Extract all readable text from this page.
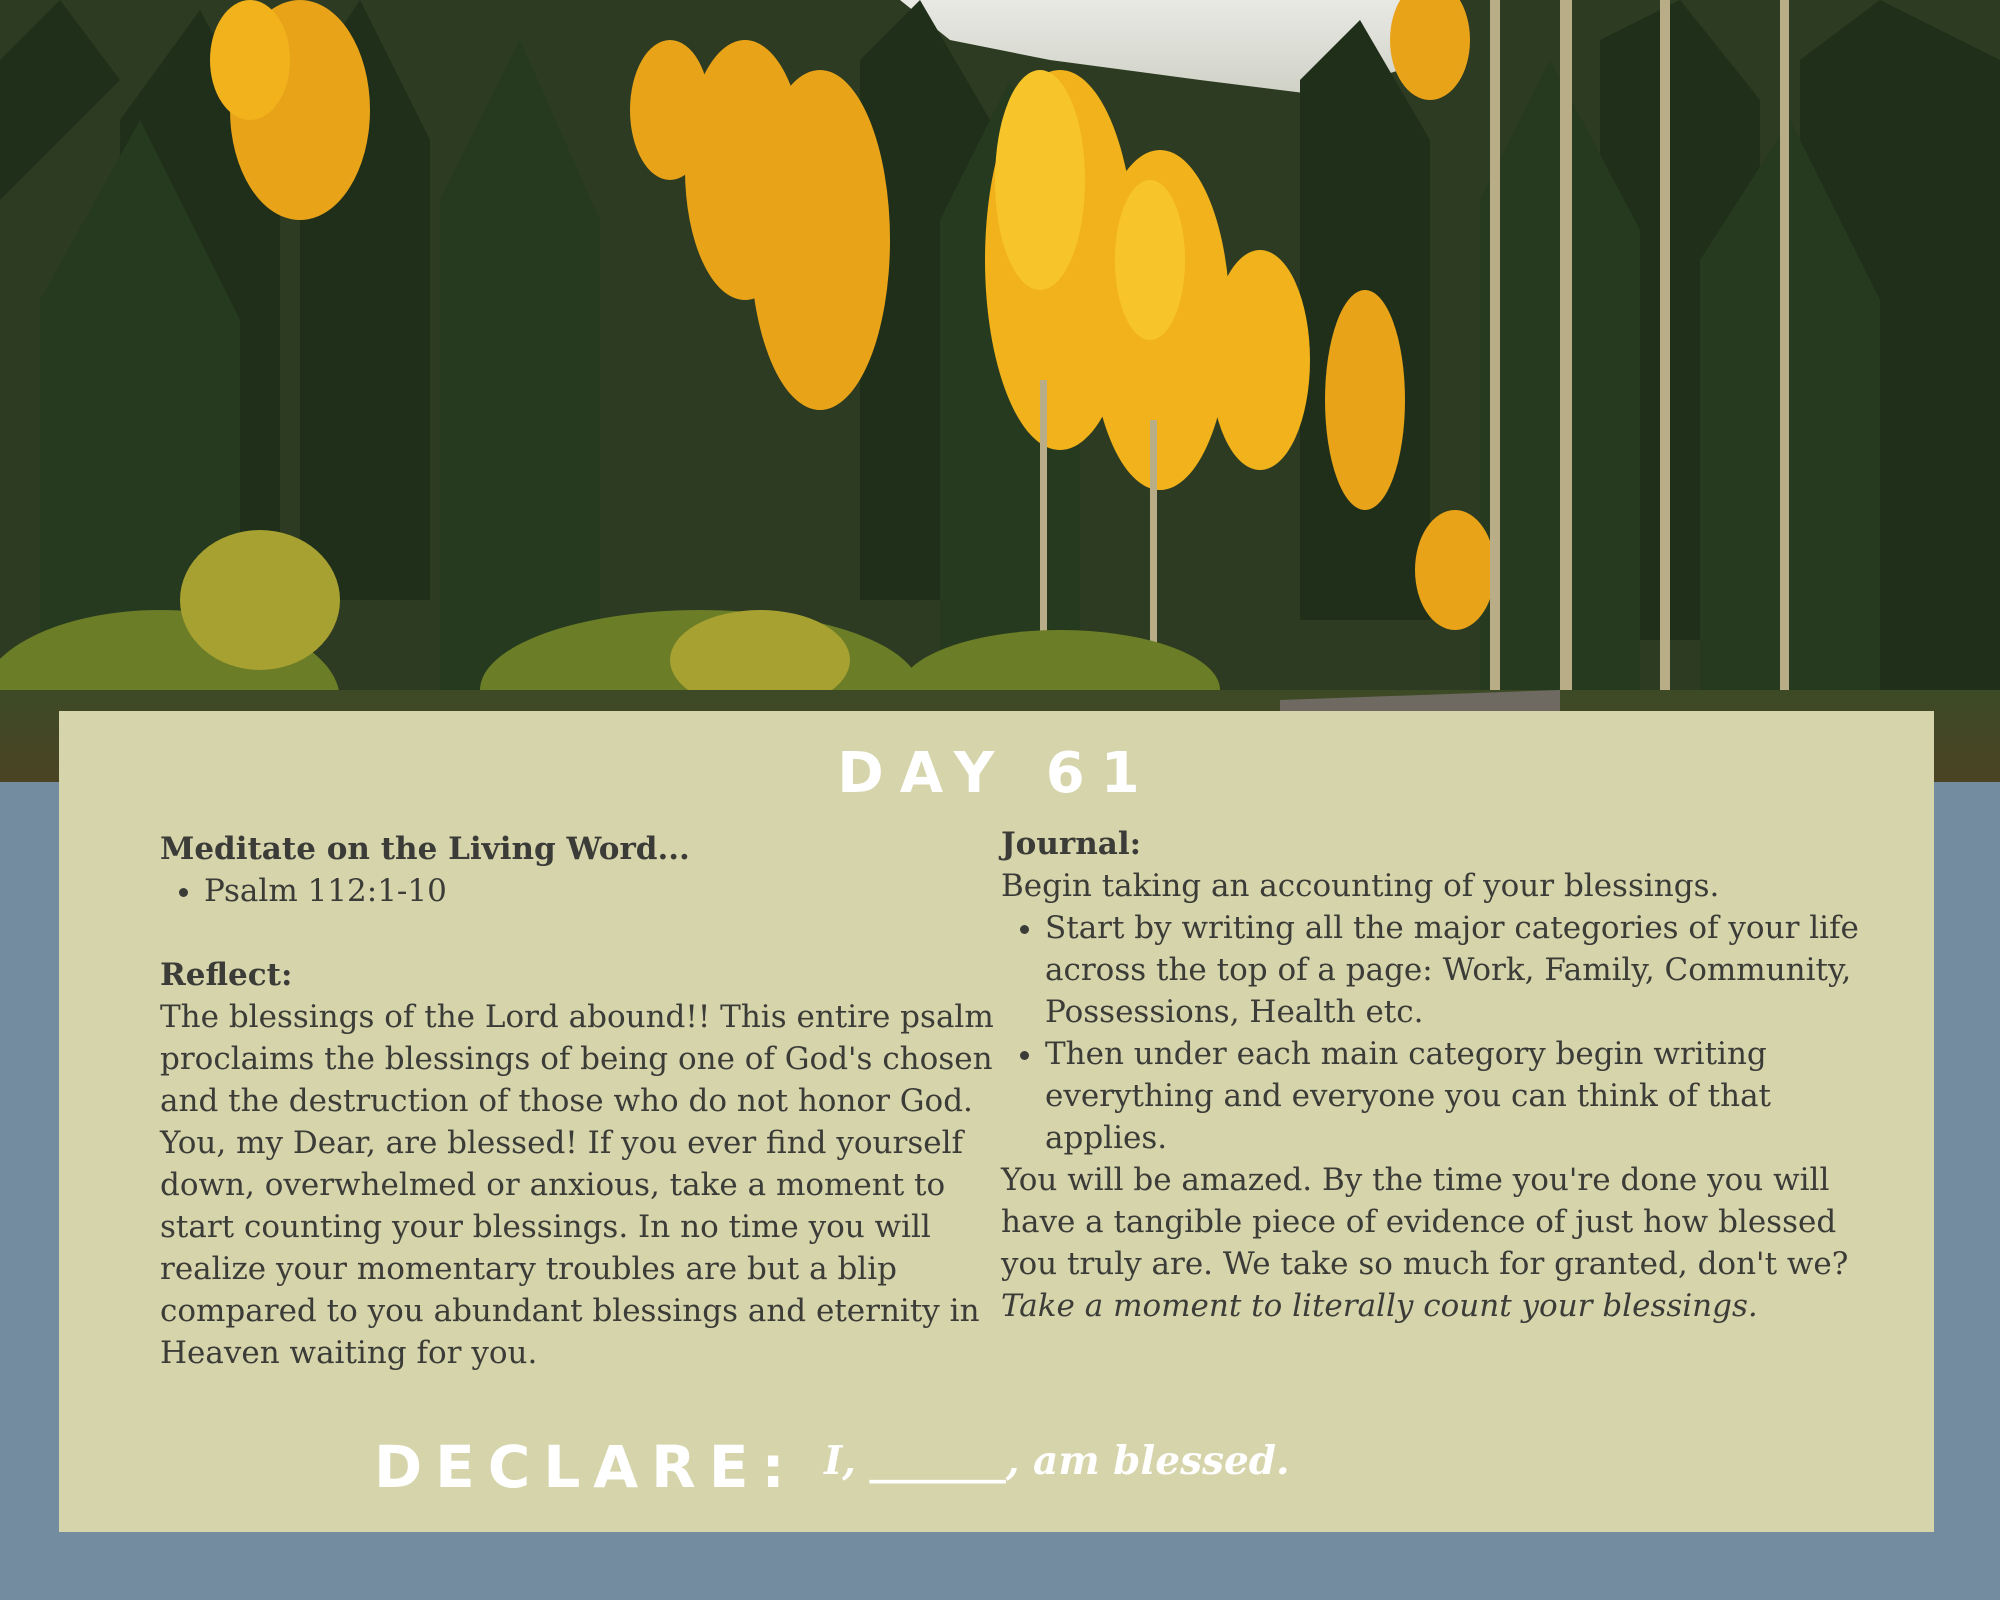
DAY 61
Meditate on the Living Word...
• Psalm 112:1-10
Reflect:
The blessings of the Lord abound!! This entire psalm proclaims the blessings of being one of God's chosen and the destruction of those who do not honor God. You, my Dear, are blessed! If you ever find yourself down, overwhelmed or anxious, take a moment to start counting your blessings. In no time you will realize your momentary troubles are but a blip compared to you abundant blessings and eternity in Heaven waiting for you.
Journal:
Begin taking an accounting of your blessings.
• Start by writing all the major categories of your life across the top of a page: Work, Family, Community, Possessions, Health etc.
• Then under each main category begin writing everything and everyone you can think of that applies.
You will be amazed. By the time you're done you will have a tangible piece of evidence of just how blessed you truly are. We take so much for granted, don't we?
Take a moment to literally count your blessings.
DECLARE: I, _______, am blessed.
